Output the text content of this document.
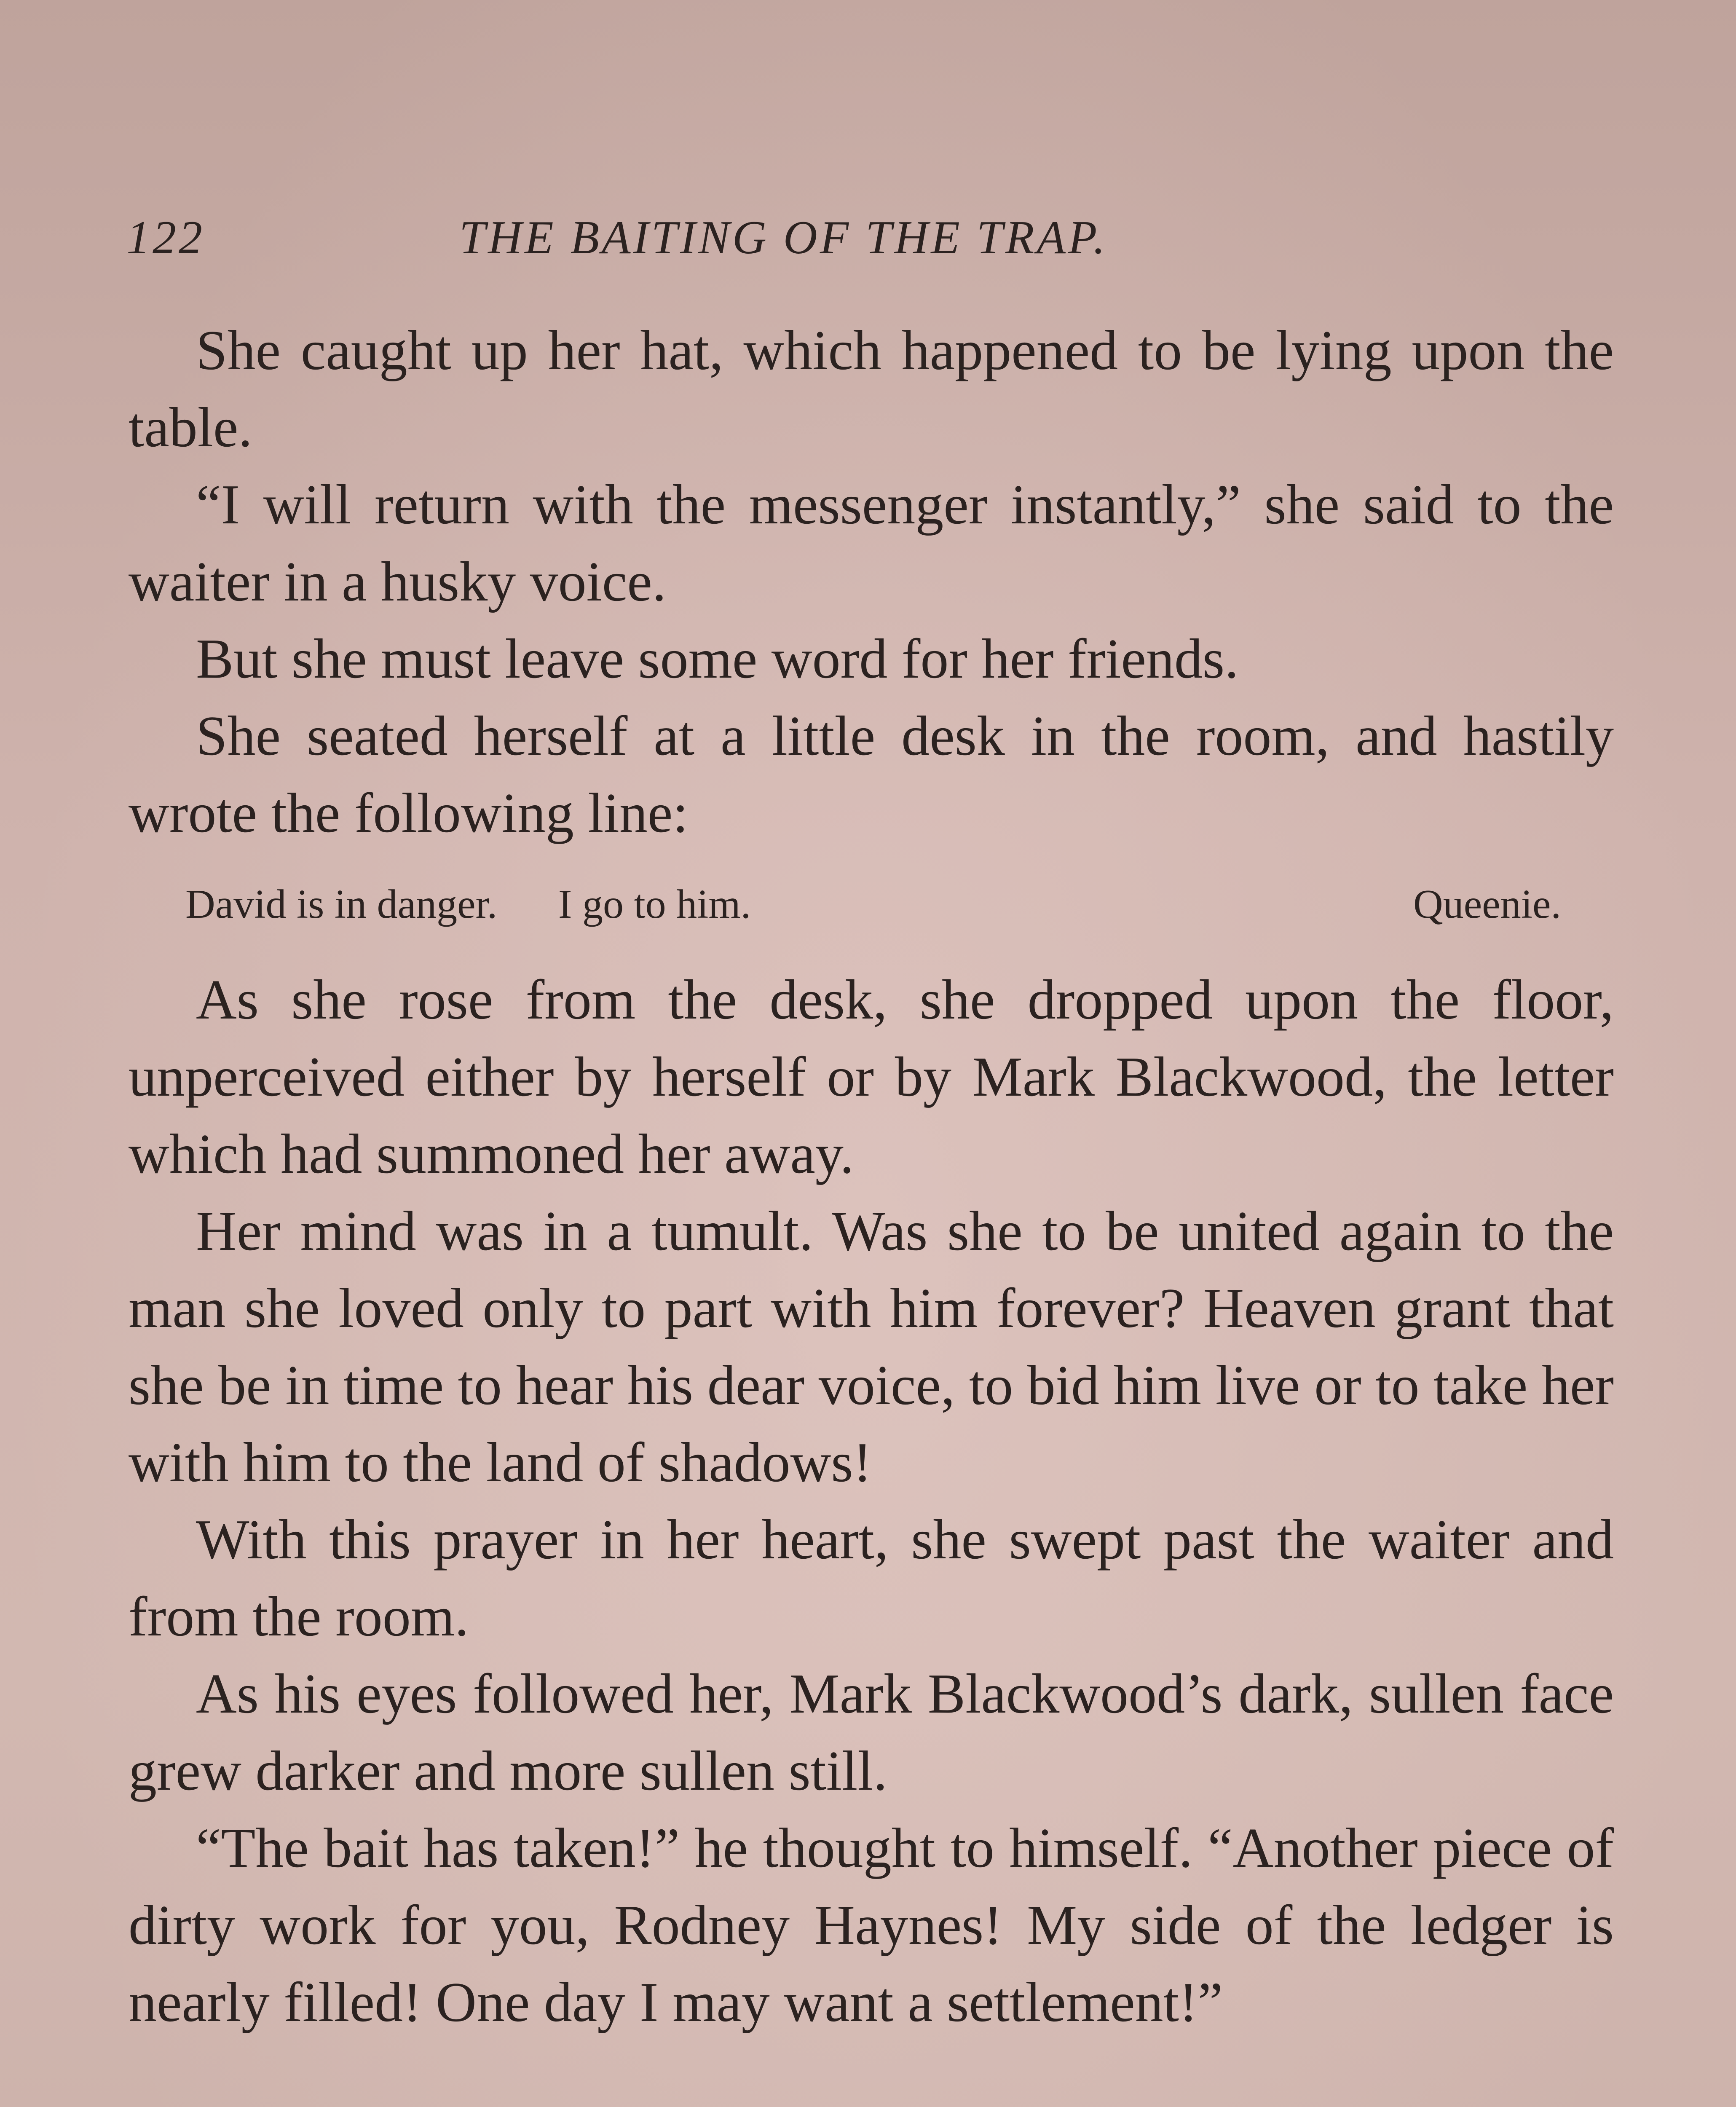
122	THE BAITING OF THE TRAP.

She caught up her hat, which happened to be lying upon the table.

“I will return with the messenger instantly,” she said to the waiter in a husky voice.

But she must leave some word for her friends.

She seated herself at a little desk in the room, and hastily wrote the following line:

David is in danger. I go to him.	Queenie.

As she rose from the desk, she dropped upon the floor, unperceived either by herself or by Mark Blackwood, the letter which had summoned her away.

Her mind was in a tumult. Was she to be united again to the man she loved only to part with him forever? Heaven grant that she be in time to hear his dear voice, to bid him live or to take her with him to the land of shadows!

With this prayer in her heart, she swept past the waiter and from the room.

As his eyes followed her, Mark Blackwood’s dark, sullen face grew darker and more sullen still.

“The bait has taken!” he thought to himself. “Another piece of dirty work for you, Rodney Haynes! My side of the ledger is nearly filled! One day I may want a settlement!”
